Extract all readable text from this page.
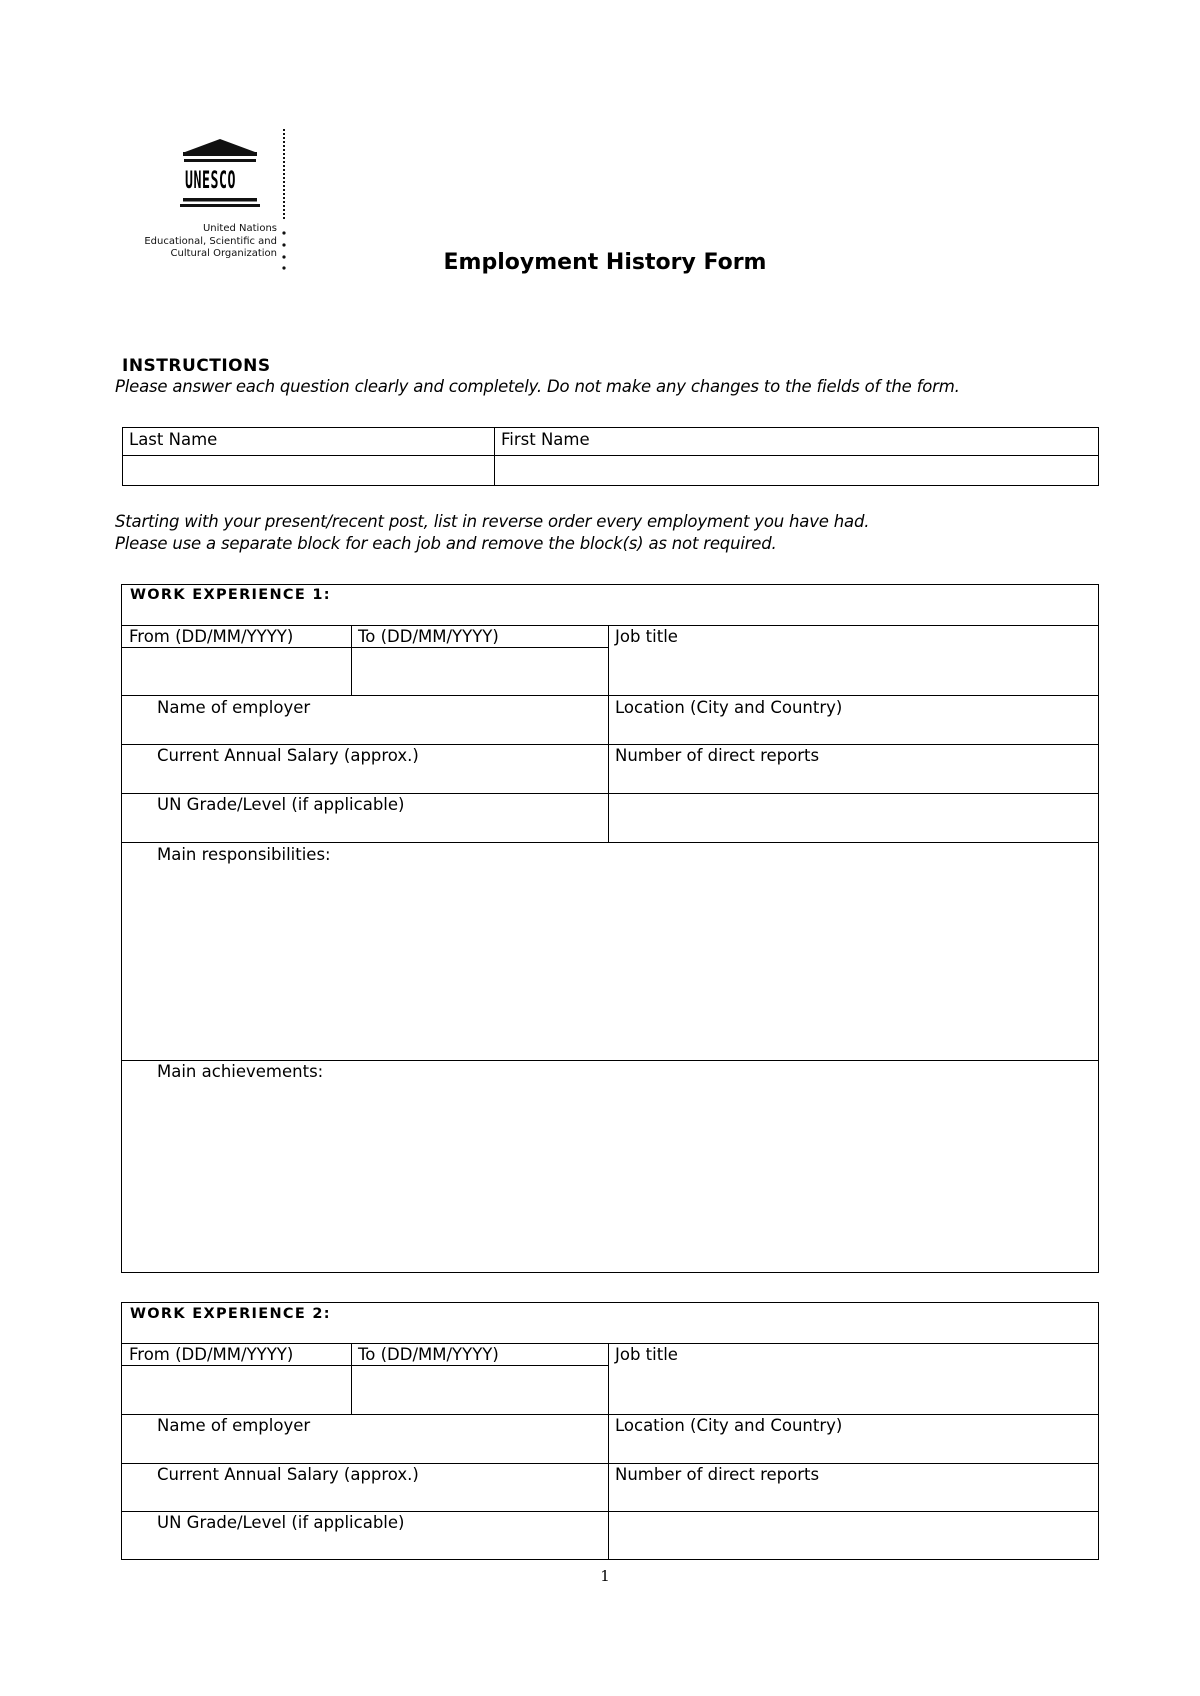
UNESCO
United Nations
Educational, Scientific and
Cultural Organization	Employment History Form
INSTRUCTIONS
Please answer each question clearly and completely. Do not make any changes to the fields of the form.
Last Name	First Name
Starting with your present/recent post, list in reverse order every employment you have had.
Please use a separate block for each job and remove the block(s) as not required.
WORK EXPERIENCE 1:
From (DD/MM/YYYY)	To (DD/MM/YYYY)	Job title
Name of employer	Location (City and Country)
Current Annual Salary (approx.)	Number of direct reports
UN Grade/Level (if applicable)
Main responsibilities:
Main achievements:
WORK EXPERIENCE 2:
From (DD/MM/YYYY)	To (DD/MM/YYYY)	Job title
Name of employer	Location (City and Country)
Current Annual Salary (approx.)	Number of direct reports
UN Grade/Level (if applicable)
1
